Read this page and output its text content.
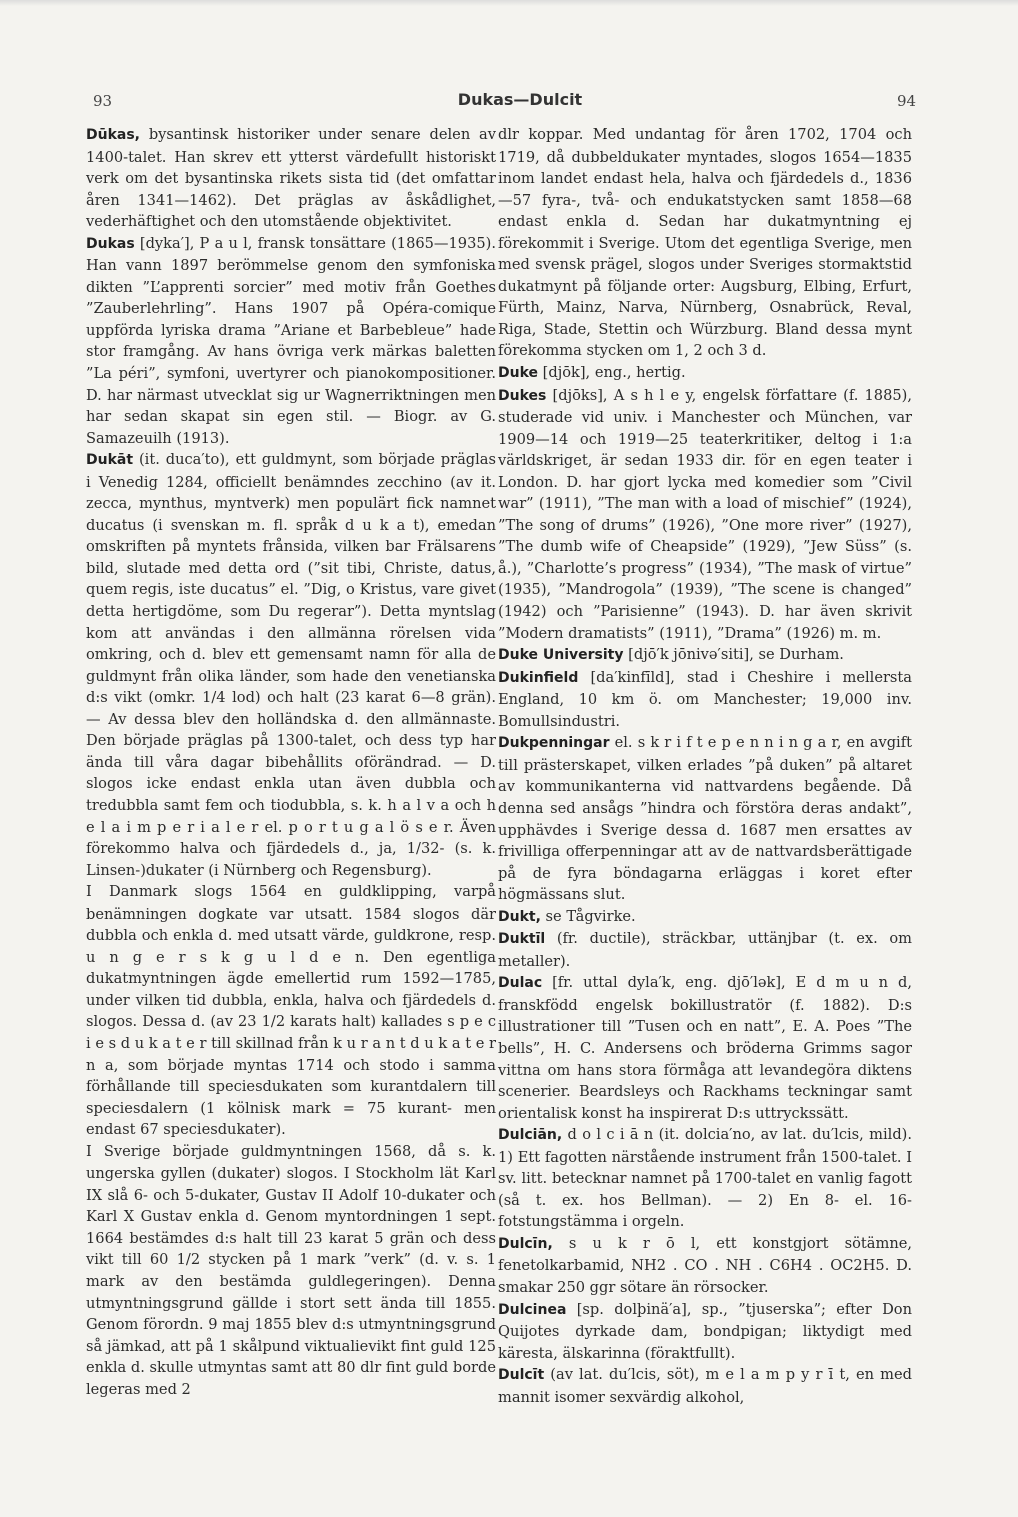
93	Dukas—Dulcit	94

Dūkas, bysantinsk historiker under senare delen av 1400-talet. Han skrev ett ytterst värdefullt historiskt verk om det bysantinska rikets sista tid (det omfattar åren 1341—1462). Det präglas av åskådlighet, vederhäftighet och den utomstående objektivitet.

Dukas [dyka′], P a u l, fransk tonsättare (1865—1935). Han vann 1897 berömmelse genom den symfoniska dikten ”L’apprenti sorcier” med motiv från Goethes ”Zauberlehrling”. Hans 1907 på Opéra-comique uppförda lyriska drama ”Ariane et Barbebleue” hade stor framgång. Av hans övriga verk märkas baletten ”La péri”, symfoni, uvertyrer och pianokompositioner. D. har närmast utvecklat sig ur Wagnerriktningen men har sedan skapat sin egen stil. — Biogr. av G. Samazeuilh (1913).

Dukāt (it. duca′to), ett guldmynt, som började präglas i Venedig 1284, officiellt benämndes zecchino (av it. zecca, mynthus, myntverk) men populärt fick namnet ducatus (i svenskan m. fl. språk d u k a t), emedan omskriften på myntets frånsida, vilken bar Frälsarens bild, slutade med detta ord (”sit tibi, Christe, datus, quem regis, iste ducatus” el. ”Dig, o Kristus, vare givet detta hertigdöme, som Du regerar”). Detta myntslag kom att användas i den allmänna rörelsen vida omkring, och d. blev ett gemensamt namn för alla de guldmynt från olika länder, som hade den venetianska d:s vikt (omkr. 1/4 lod) och halt (23 karat 6—8 grän). — Av dessa blev den holländska d. den allmännaste. Den började präglas på 1300-talet, och dess typ har ända till våra dagar bibehållits oförändrad. — D. slogos icke endast enkla utan även dubbla och tredubbla samt fem och tiodubbla, s. k. h a l v a och h e l a i m p e r i a l e r el. p o r t u g a l ö s e r. Även förekommo halva och fjärdedels d., ja, 1/32- (s. k. Linsen-)dukater (i Nürnberg och Regensburg).

I Danmark slogs 1564 en guldklipping, varpå benämningen dogkate var utsatt. 1584 slogos där dubbla och enkla d. med utsatt värde, guldkrone, resp. u n g e r s k g u l d e n. Den egentliga dukatmyntningen ägde emellertid rum 1592—1785, under vilken tid dubbla, enkla, halva och fjärdedels d. slogos. Dessa d. (av 23 1/2 karats halt) kallades s p e c i e s d u k a t e r till skillnad från k u r a n t d u k a t e r n a, som började myntas 1714 och stodo i samma förhållande till speciesdukaten som kurantdalern till speciesdalern (1 kölnisk mark = 75 kurant- men endast 67 speciesdukater).

I Sverige började guldmyntningen 1568, då s. k. ungerska gyllen (dukater) slogos. I Stockholm lät Karl IX slå 6- och 5-dukater, Gustav II Adolf 10-dukater och Karl X Gustav enkla d. Genom myntordningen 1 sept. 1664 bestämdes d:s halt till 23 karat 5 grän och dess vikt till 60 1/2 stycken på 1 mark ”verk” (d. v. s. 1 mark av den bestämda guldlegeringen). Denna utmyntningsgrund gällde i stort sett ända till 1855. Genom förordn. 9 maj 1855 blev d:s utmyntningsgrund så jämkad, att på 1 skålpund viktualievikt fint guld 125 enkla d. skulle utmyntas samt att 80 dlr fint guld borde legeras med 2

dlr koppar. Med undantag för åren 1702, 1704 och 1719, då dubbeldukater myntades, slogos 1654—1835 inom landet endast hela, halva och fjärdedels d., 1836—57 fyra-, två- och endukatstycken samt 1858—68 endast enkla d. Sedan har dukatmyntning ej förekommit i Sverige. Utom det egentliga Sverige, men med svensk prägel, slogos under Sveriges stormaktstid dukatmynt på följande orter: Augsburg, Elbing, Erfurt, Fürth, Mainz, Narva, Nürnberg, Osnabrück, Reval, Riga, Stade, Stettin och Würzburg. Bland dessa mynt förekomma stycken om 1, 2 och 3 d.

Duke [djōk], eng., hertig.

Dukes [djōks], A s h l e y, engelsk författare (f. 1885), studerade vid univ. i Manchester och München, var 1909—14 och 1919—25 teaterkritiker, deltog i 1:a världskriget, är sedan 1933 dir. för en egen teater i London. D. har gjort lycka med komedier som ”Civil war” (1911), ”The man with a load of mischief” (1924), ”The song of drums” (1926), ”One more river” (1927), ”The dumb wife of Cheapside” (1929), ”Jew Süss” (s. å.), ”Charlotte’s progress” (1934), ”The mask of virtue” (1935), ”Mandrogola” (1939), ”The scene is changed” (1942) och ”Parisienne” (1943). D. har även skrivit ”Modern dramatists” (1911), ”Drama” (1926) m. m.

Duke University [djō′k jōnivə′siti], se Durham.

Dukinfield [da′kinfīld], stad i Cheshire i mellersta England, 10 km ö. om Manchester; 19,000 inv. Bomullsindustri.

Dukpenningar el. s k r i f t e p e n n i n g a r, en avgift till prästerskapet, vilken erlades ”på duken” på altaret av kommunikanterna vid nattvardens begående. Då denna sed ansågs ”hindra och förstöra deras andakt”, upphävdes i Sverige dessa d. 1687 men ersattes av frivilliga offerpenningar att av de nattvardsberättigade på de fyra böndagarna erläggas i koret efter högmässans slut.

Dukt, se Tågvirke.

Duktīl (fr. ductile), sträckbar, uttänjbar (t. ex. om metaller).

Dulac [fr. uttal dyla′k, eng. djō′lək], E d m u n d, franskfödd engelsk bokillustratör (f. 1882). D:s illustrationer till ”Tusen och en natt”, E. A. Poes ”The bells”, H. C. Andersens och bröderna Grimms sagor vittna om hans stora förmåga att levandegöra diktens scenerier. Beardsleys och Rackhams teckningar samt orientalisk konst ha inspirerat D:s uttryckssätt.

Dulciān, d o l c i ā n (it. dolcia′no, av lat. du′lcis, mild). 1) Ett fagotten närstående instrument från 1500-talet. I sv. litt. betecknar namnet på 1700-talet en vanlig fagott (så t. ex. hos Bellman). — 2) En 8- el. 16-fotstungstämma i orgeln.

Dulcīn, s u k r ō l, ett konstgjort sötämne, fenetolkarbamid, NH2 . CO . NH . C6H4 . OC2H5. D. smakar 250 ggr sötare än rörsocker.

Dulcinea [sp. dolþinä′a], sp., ”tjuserska”; efter Don Quijotes dyrkade dam, bondpigan; liktydigt med käresta, älskarinna (föraktfullt).

Dulcīt (av lat. du′lcis, söt), m e l a m p y r ī t, en med mannit isomer sexvärdig alkohol,
